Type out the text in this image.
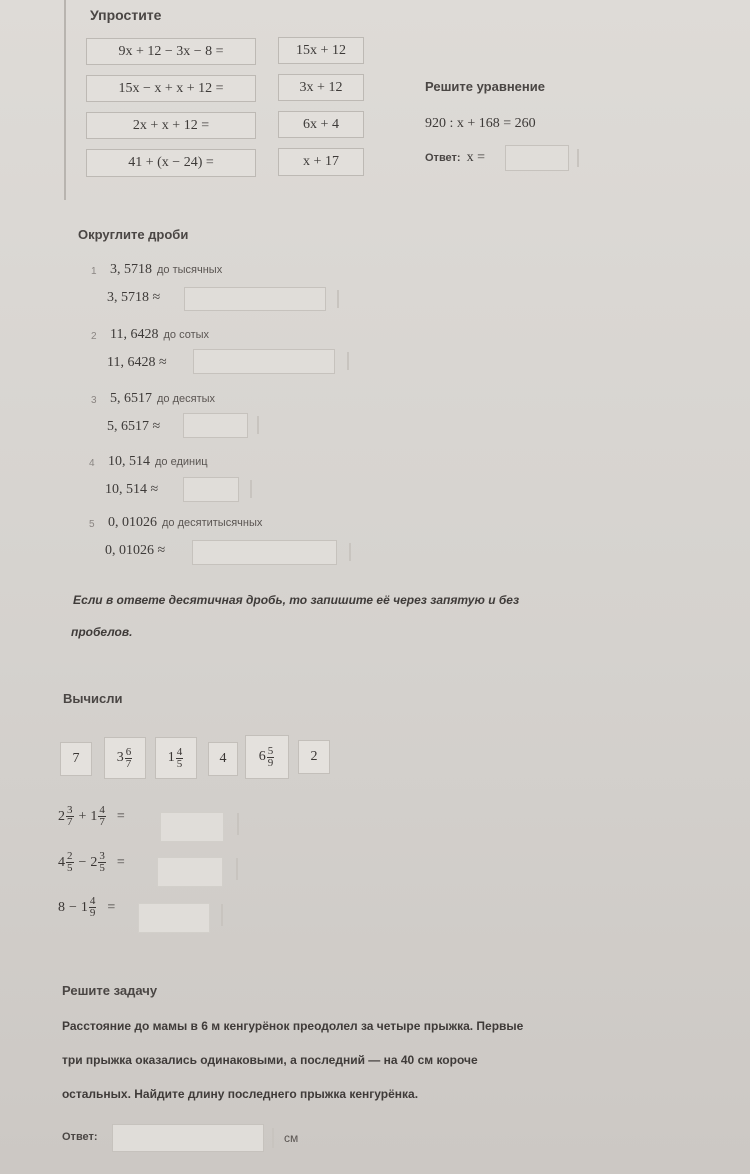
Упростите
9x + 12 − 3x − 8 =	15x + 12
15x − x + x + 12 =	3x + 12
2x + x + 12 =	6x + 4
41 + (x − 24) =	x + 17
Решите уравнение
920 : x + 168 = 260
Ответ: x =
Округлите дроби
1 3, 5718 до тысячных
3, 5718 ≈
2 11, 6428 до сотых
11, 6428 ≈
3 5, 6517 до десятых
5, 6517 ≈
4 10, 514 до единиц
10, 514 ≈
5 0, 01026 до десятитысячных
0, 01026 ≈
Если в ответе десятичная дробь, то запишите её через запятую и без
пробелов.
Вычисли
7	$3 \frac{6}{7}$	$1 \frac{4}{5}$	4 $6 \frac{5}{9}$	2
$2 \frac{3}{7} + 1 \frac{4}{7}$ =
$4 \frac{2}{5} - 2 \frac{3}{5}$ =
$8 - 1 \frac{4}{9}$ =
Решите задачу
Расстояние до мамы в 6 м кенгурёнок преодолел за четыре прыжка. Первые
три прыжка оказались одинаковыми, а последний — на 40 см короче
остальных. Найдите длину последнего прыжка кенгурёнка.
Ответ:	см
